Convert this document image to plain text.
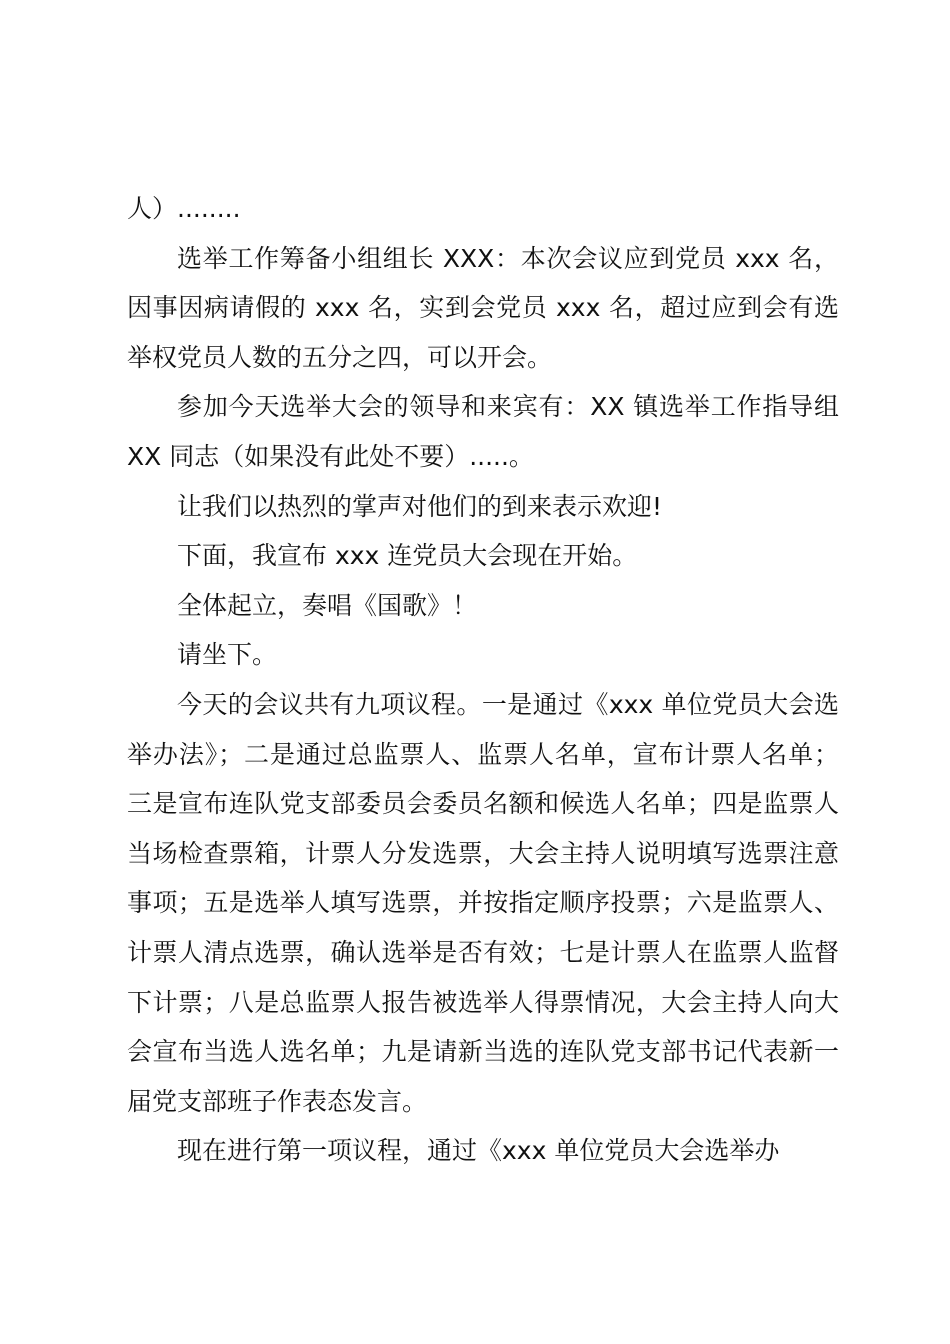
人）........

选举工作筹备小组组长 XXX：本次会议应到党员 xxx 名，因事因病请假的 xxx 名，实到会党员 xxx 名，超过应到会有选举权党员人数的五分之四，可以开会。

参加今天选举大会的领导和来宾有：XX 镇选举工作指导组 XX 同志（如果没有此处不要）.....。

让我们以热烈的掌声对他们的到来表示欢迎!

下面，我宣布 xxx 连党员大会现在开始。

全体起立，奏唱《国歌》！

请坐下。

今天的会议共有九项议程。一是通过《xxx 单位党员大会选举办法》；二是通过总监票人、监票人名单，宣布计票人名单；三是宣布连队党支部委员会委员名额和候选人名单；四是监票人当场检查票箱，计票人分发选票，大会主持人说明填写选票注意事项；五是选举人填写选票，并按指定顺序投票；六是监票人、计票人清点选票，确认选举是否有效；七是计票人在监票人监督下计票；八是总监票人报告被选举人得票情况，大会主持人向大会宣布当选人选名单；九是请新当选的连队党支部书记代表新一届党支部班子作表态发言。

现在进行第一项议程，通过《xxx 单位党员大会选举办
